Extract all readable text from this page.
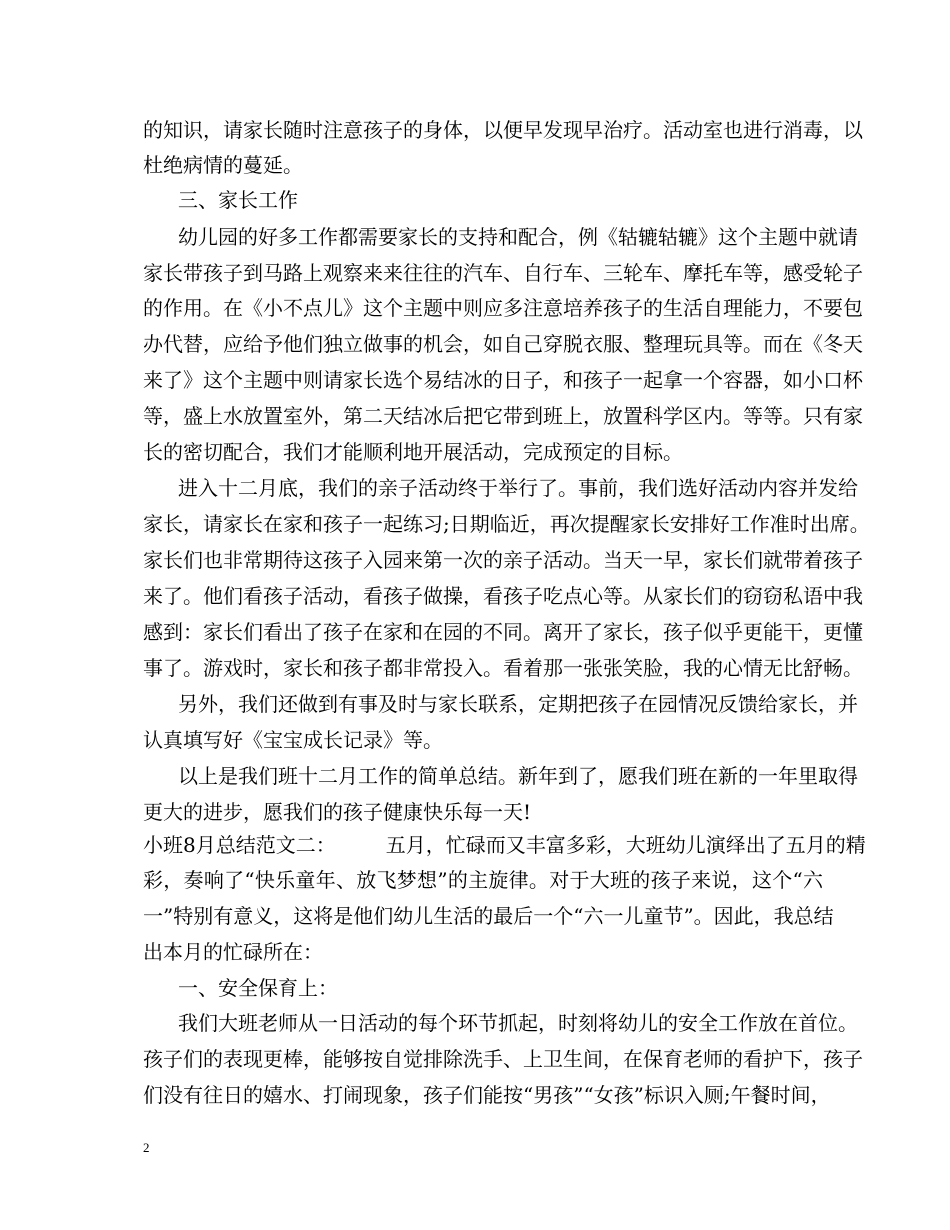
的知识，请家长随时注意孩子的身体，以便早发现早治疗。活动室也进行消毒，以
杜绝病情的蔓延。
三、家长工作
幼儿园的好多工作都需要家长的支持和配合，例《轱辘轱辘》这个主题中就请
家长带孩子到马路上观察来来往往的汽车、自行车、三轮车、摩托车等，感受轮子
的作用。在《小不点儿》这个主题中则应多注意培养孩子的生活自理能力，不要包
办代替，应给予他们独立做事的机会，如自己穿脱衣服、整理玩具等。而在《冬天
来了》这个主题中则请家长选个易结冰的日子，和孩子一起拿一个容器，如小口杯
等，盛上水放置室外，第二天结冰后把它带到班上，放置科学区内。等等。只有家
长的密切配合，我们才能顺利地开展活动，完成预定的目标。
进入十二月底，我们的亲子活动终于举行了。事前，我们选好活动内容并发给
家长，请家长在家和孩子一起练习;日期临近，再次提醒家长安排好工作准时出席。
家长们也非常期待这孩子入园来第一次的亲子活动。当天一早，家长们就带着孩子
来了。他们看孩子活动，看孩子做操，看孩子吃点心等。从家长们的窃窃私语中我
感到：家长们看出了孩子在家和在园的不同。离开了家长，孩子似乎更能干，更懂
事了。游戏时，家长和孩子都非常投入。看着那一张张笑脸，我的心情无比舒畅。
另外，我们还做到有事及时与家长联系，定期把孩子在园情况反馈给家长，并
认真填写好《宝宝成长记录》等。
以上是我们班十二月工作的简单总结。新年到了，愿我们班在新的一年里取得
更大的进步，愿我们的孩子健康快乐每一天!
小班8月总结范文二：　　　五月，忙碌而又丰富多彩，大班幼儿演绎出了五月的精
彩，奏响了“快乐童年、放飞梦想”的主旋律。对于大班的孩子来说，这个“六
一”特别有意义，这将是他们幼儿生活的最后一个“六一儿童节”。因此，我总结
出本月的忙碌所在：
一、安全保育上：
我们大班老师从一日活动的每个环节抓起，时刻将幼儿的安全工作放在首位。
孩子们的表现更棒，能够按自觉排除洗手、上卫生间，在保育老师的看护下，孩子
们没有往日的嬉水、打闹现象，孩子们能按“男孩”“女孩”标识入厕;午餐时间，
2
